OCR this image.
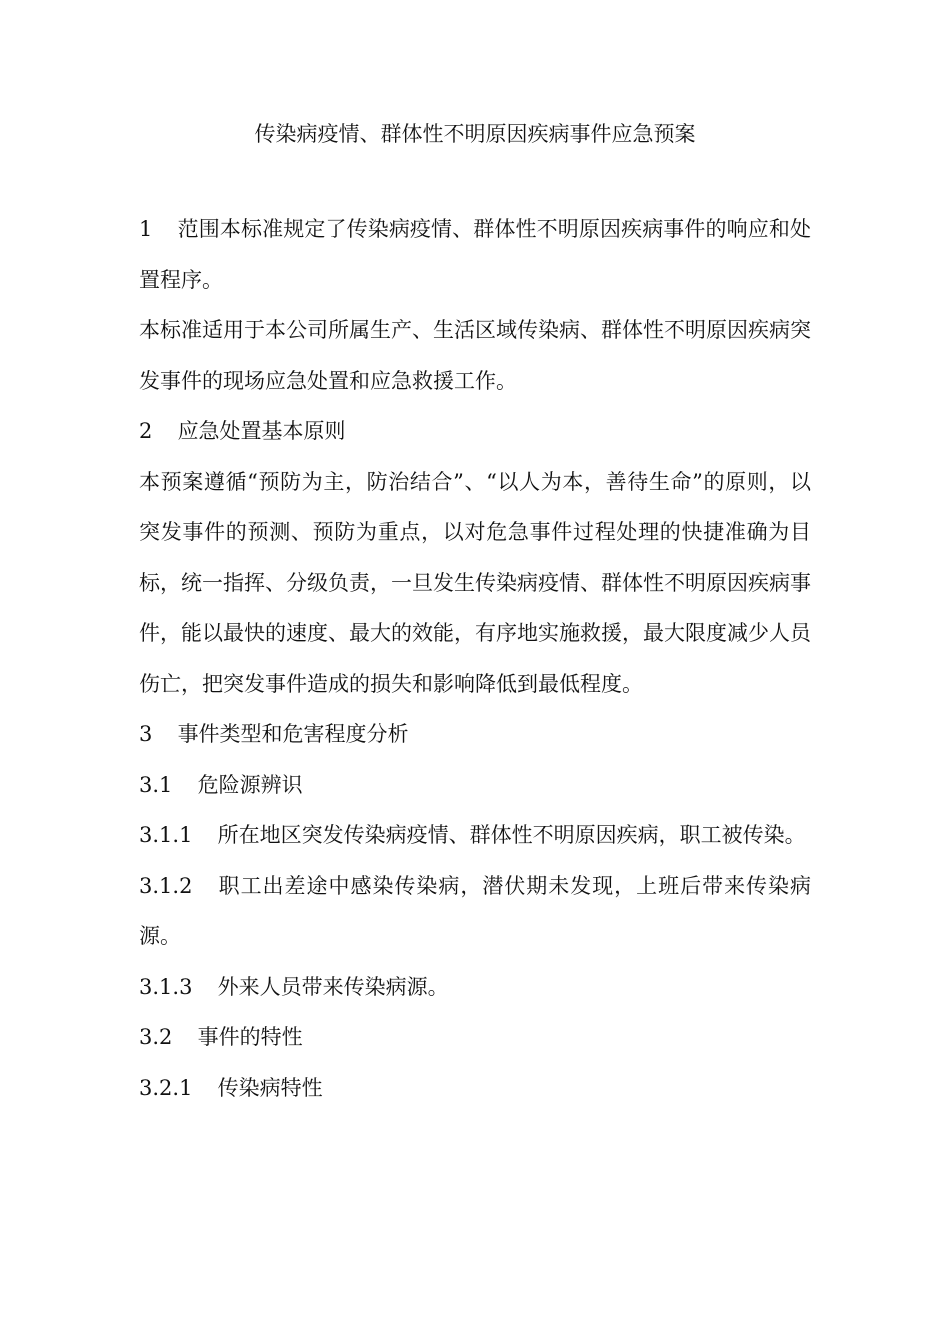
传染病疫情、群体性不明原因疾病事件应急预案

1 范围本标准规定了传染病疫情、群体性不明原因疾病事件的响应和处置程序。

本标准适用于本公司所属生产、生活区域传染病、群体性不明原因疾病突发事件的现场应急处置和应急救援工作。

2 应急处置基本原则

本预案遵循“预防为主，防治结合”、“以人为本，善待生命”的原则，以突发事件的预测、预防为重点，以对危急事件过程处理的快捷准确为目标，统一指挥、分级负责，一旦发生传染病疫情、群体性不明原因疾病事件，能以最快的速度、最大的效能，有序地实施救援，最大限度减少人员伤亡，把突发事件造成的损失和影响降低到最低程度。

3 事件类型和危害程度分析

3.1 危险源辨识

3.1.1 所在地区突发传染病疫情、群体性不明原因疾病，职工被传染。

3.1.2 职工出差途中感染传染病，潜伏期未发现，上班后带来传染病源。

3.1.3 外来人员带来传染病源。

3.2 事件的特性

3.2.1 传染病特性
